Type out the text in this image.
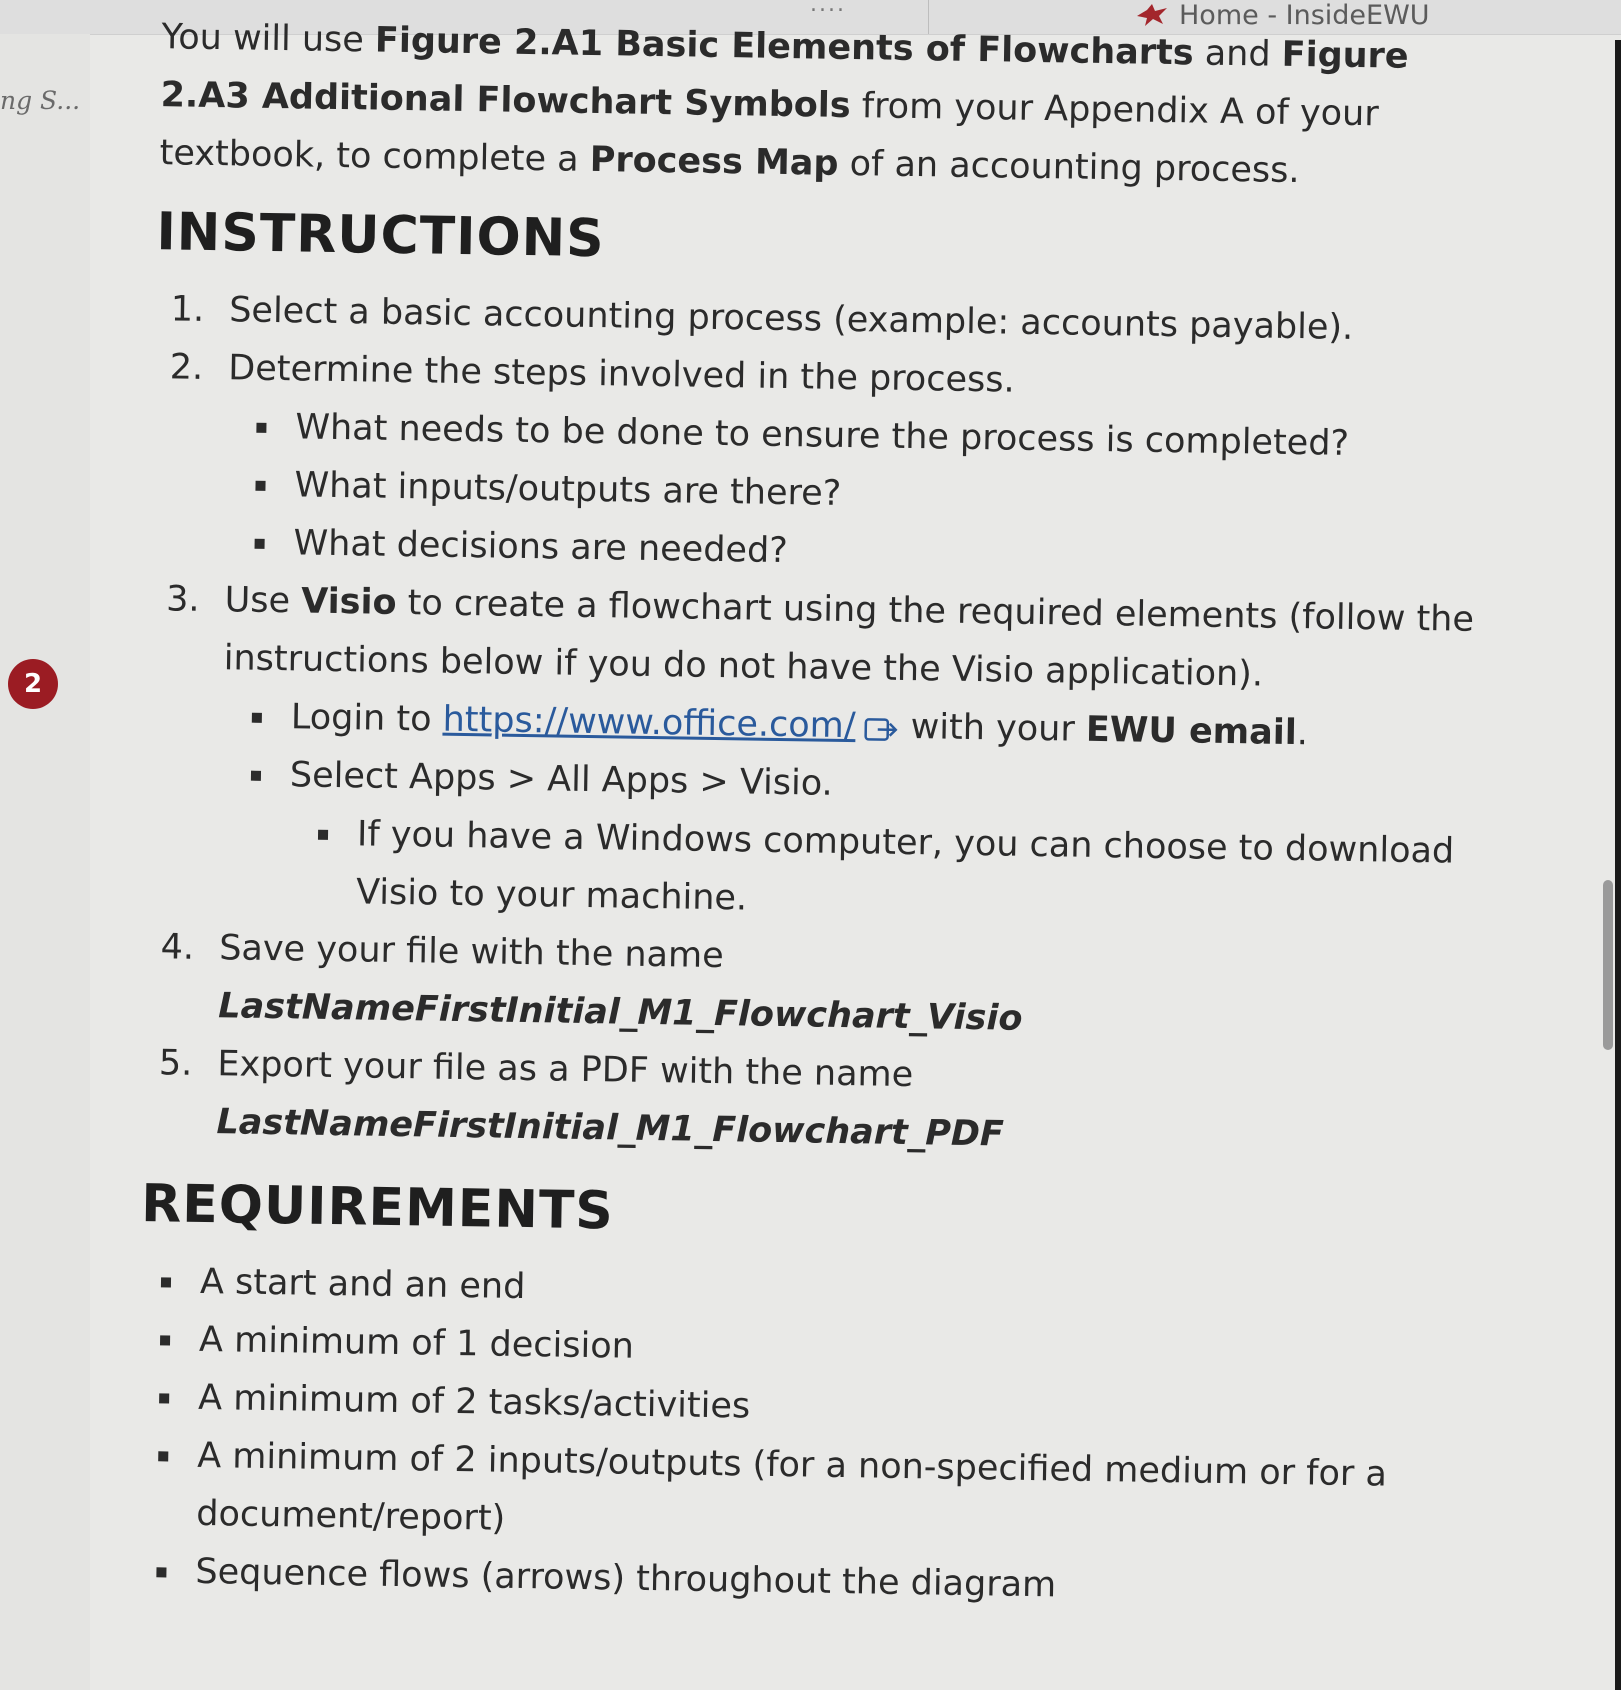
....	Home - InsideEWU
ng S...
2

You will use Figure 2.A1 Basic Elements of Flowcharts and Figure 2.A3 Additional Flowchart Symbols from your Appendix A of your textbook, to complete a Process Map of an accounting process.

INSTRUCTIONS
1. Select a basic accounting process (example: accounts payable).
2. Determine the steps involved in the process.
▪ What needs to be done to ensure the process is completed?
▪ What inputs/outputs are there?
▪ What decisions are needed?
3. Use Visio to create a flowchart using the required elements (follow the instructions below if you do not have the Visio application).
▪ Login to https://www.office.com/ with your EWU email.
▪ Select Apps > All Apps > Visio.
▪ If you have a Windows computer, you can choose to download Visio to your machine.
4. Save your file with the name LastNameFirstInitial_M1_Flowchart_Visio
5. Export your file as a PDF with the name LastNameFirstInitial_M1_Flowchart_PDF
REQUIREMENTS
▪ A start and an end
▪ A minimum of 1 decision
▪ A minimum of 2 tasks/activities
▪ A minimum of 2 inputs/outputs (for a non-specified medium or for a document/report)
▪ Sequence flows (arrows) throughout the diagram
